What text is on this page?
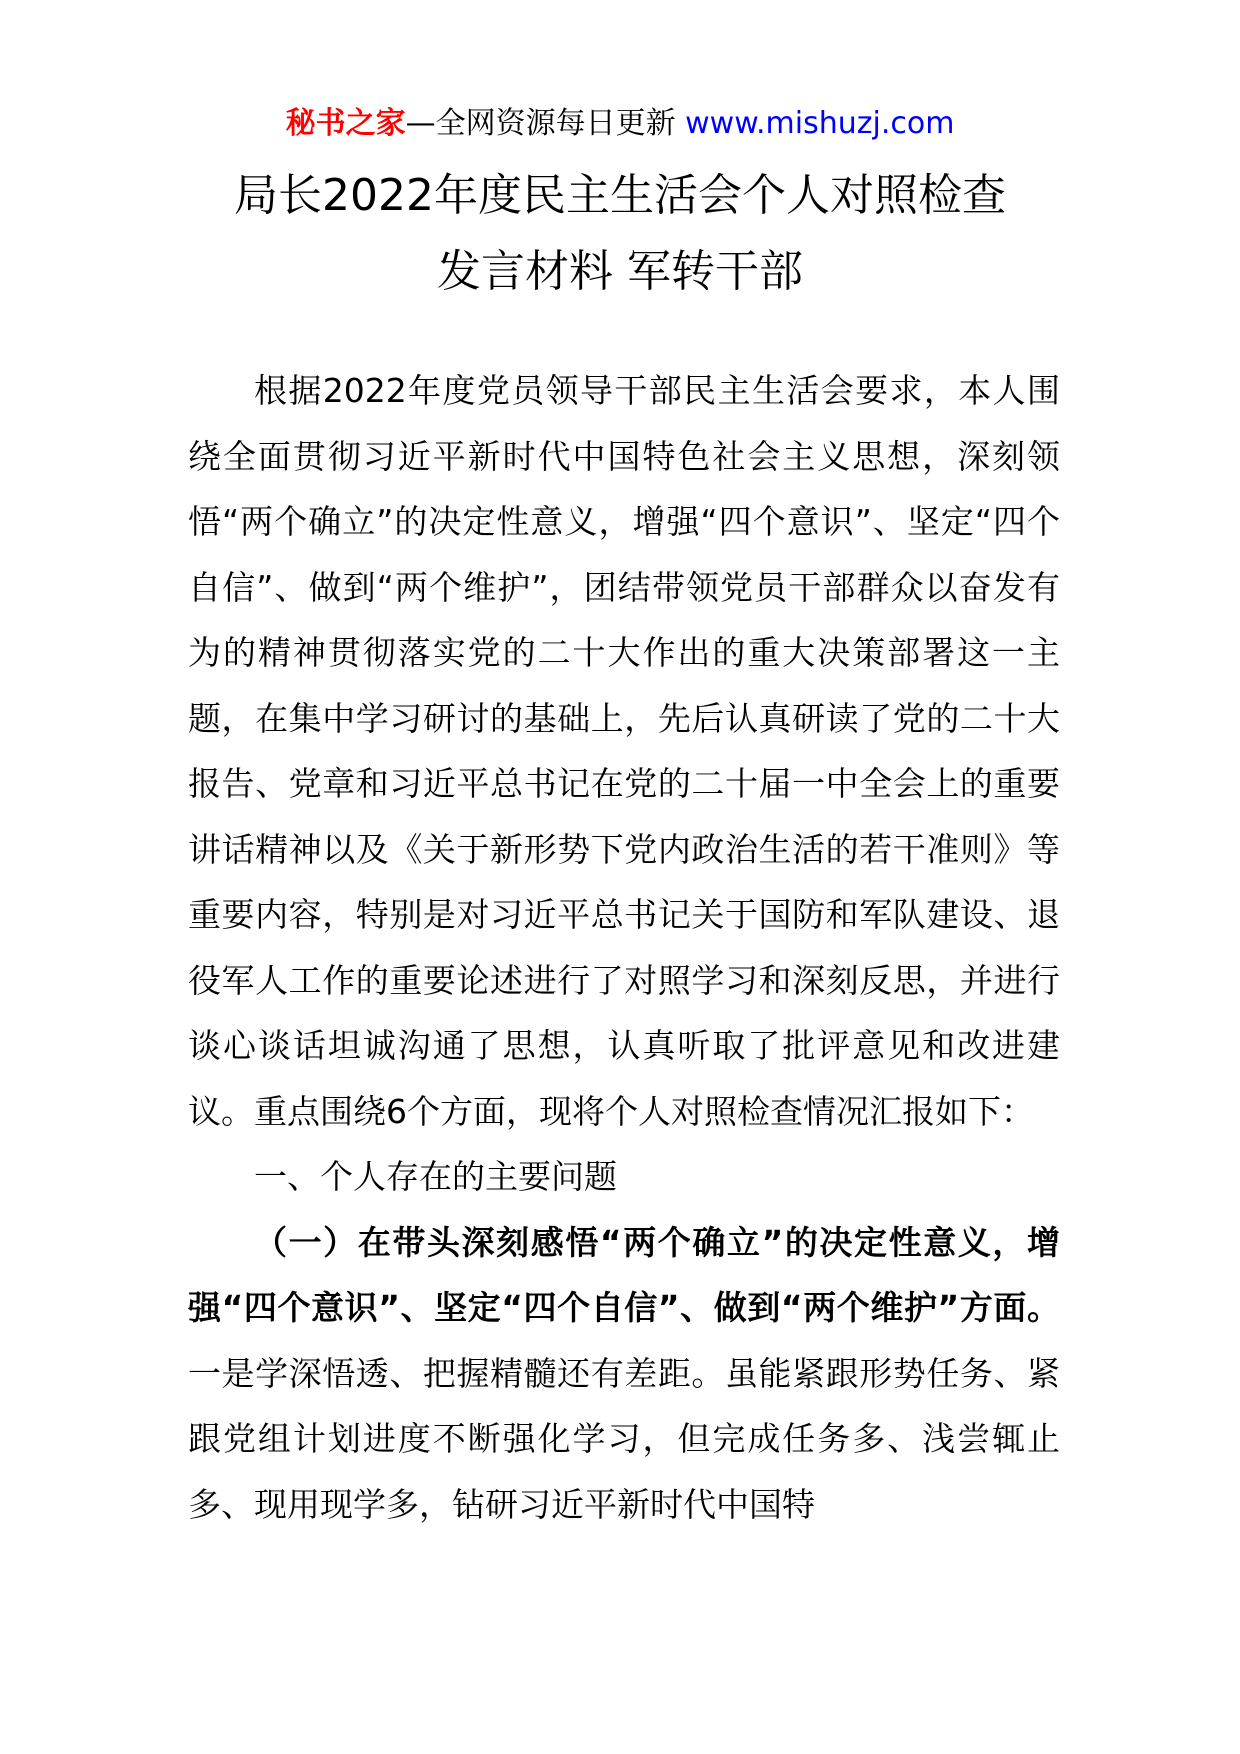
秘书之家—全网资源每日更新 www.mishuzj.com
局长2022年度民主生活会个人对照检查
发言材料 军转干部

根据2022年度党员领导干部民主生活会要求，本人围绕全面贯彻习近平新时代中国特色社会主义思想，深刻领悟“两个确立”的决定性意义，增强“四个意识”、坚定“四个自信”、做到“两个维护”，团结带领党员干部群众以奋发有为的精神贯彻落实党的二十大作出的重大决策部署这一主题，在集中学习研讨的基础上，先后认真研读了党的二十大报告、党章和习近平总书记在党的二十届一中全会上的重要讲话精神以及《关于新形势下党内政治生活的若干准则》等重要内容，特别是对习近平总书记关于国防和军队建设、退役军人工作的重要论述进行了对照学习和深刻反思，并进行谈心谈话坦诚沟通了思想，认真听取了批评意见和改进建议。重点围绕6个方面，现将个人对照检查情况汇报如下：

一、个人存在的主要问题

（一）在带头深刻感悟“两个确立”的决定性意义，增强“四个意识”、坚定“四个自信”、做到“两个维护”方面。一是学深悟透、把握精髓还有差距。虽能紧跟形势任务、紧跟党组计划进度不断强化学习，但完成任务多、浅尝辄止多、现用现学多，钻研习近平新时代中国特
